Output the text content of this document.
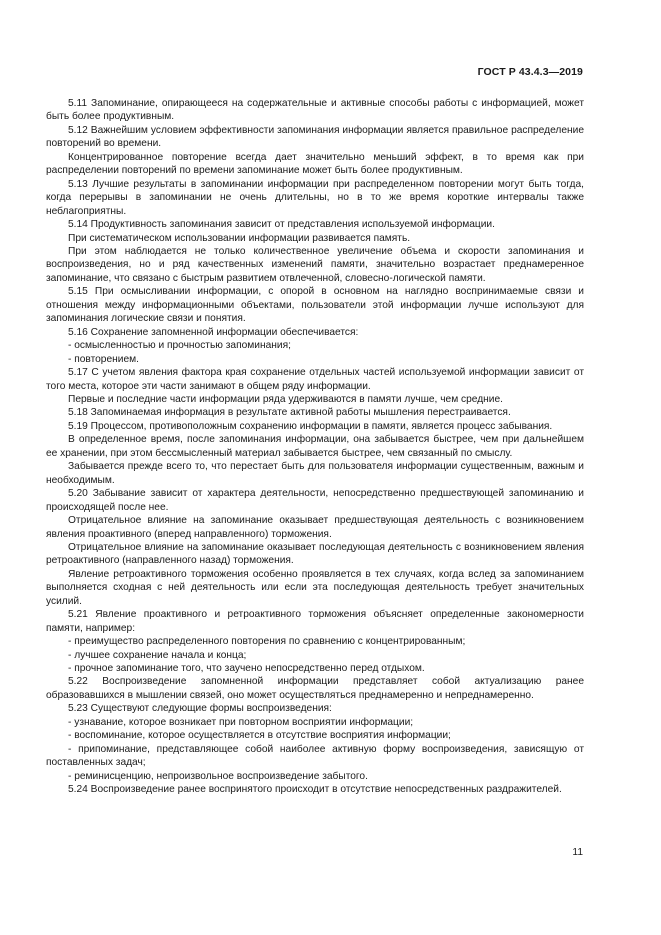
ГОСТ Р 43.4.3—2019

5.11 Запоминание, опирающееся на содержательные и активные способы работы с информацией, может быть более продуктивным.

5.12 Важнейшим условием эффективности запоминания информации является правильное распределение повторений во времени.

Концентрированное повторение всегда дает значительно меньший эффект, в то время как при распределении повторений по времени запоминание может быть более продуктивным.

5.13 Лучшие результаты в запоминании информации при распределенном повторении могут быть тогда, когда перерывы в запоминании не очень длительны, но в то же время короткие интервалы также неблагоприятны.

5.14 Продуктивность запоминания зависит от представления используемой информации.

При систематическом использовании информации развивается память.

При этом наблюдается не только количественное увеличение объема и скорости запоминания и воспроизведения, но и ряд качественных изменений памяти, значительно возрастает преднамеренное запоминание, что связано с быстрым развитием отвлеченной, словесно-логической памяти.

5.15 При осмысливании информации, с опорой в основном на наглядно воспринимаемые связи и отношения между информационными объектами, пользователи этой информации лучше используют для запоминания логические связи и понятия.

5.16 Сохранение запомненной информации обеспечивается:

- осмысленностью и прочностью запоминания;

- повторением.

5.17 С учетом явления фактора края сохранение отдельных частей используемой информации зависит от того места, которое эти части занимают в общем ряду информации.

Первые и последние части информации ряда удерживаются в памяти лучше, чем средние.

5.18 Запоминаемая информация в результате активной работы мышления перестраивается.

5.19 Процессом, противоположным сохранению информации в памяти, является процесс забывания.

В определенное время, после запоминания информации, она забывается быстрее, чем при дальнейшем ее хранении, при этом бессмысленный материал забывается быстрее, чем связанный по смыслу.

Забывается прежде всего то, что перестает быть для пользователя информации существенным, важным и необходимым.

5.20 Забывание зависит от характера деятельности, непосредственно предшествующей запоминанию и происходящей после нее.

Отрицательное влияние на запоминание оказывает предшествующая деятельность с возникновением явления проактивного (вперед направленного) торможения.

Отрицательное влияние на запоминание оказывает последующая деятельность с возникновением явления ретроактивного (направленного назад) торможения.

Явление ретроактивного торможения особенно проявляется в тех случаях, когда вслед за запоминанием выполняется сходная с ней деятельность или если эта последующая деятельность требует значительных усилий.

5.21 Явление проактивного и ретроактивного торможения объясняет определенные закономерности памяти, например:

- преимущество распределенного повторения по сравнению с концентрированным;

- лучшее сохранение начала и конца;

- прочное запоминание того, что заучено непосредственно перед отдыхом.

5.22 Воспроизведение запомненной информации представляет собой актуализацию ранее образовавшихся в мышлении связей, оно может осуществляться преднамеренно и непреднамеренно.

5.23 Существуют следующие формы воспроизведения:

- узнавание, которое возникает при повторном восприятии информации;

- воспоминание, которое осуществляется в отсутствие восприятия информации;

- припоминание, представляющее собой наиболее активную форму воспроизведения, зависящую от поставленных задач;

- реминисценцию, непроизвольное воспроизведение забытого.

5.24 Воспроизведение ранее воспринятого происходит в отсутствие непосредственных раздражителей.

11
